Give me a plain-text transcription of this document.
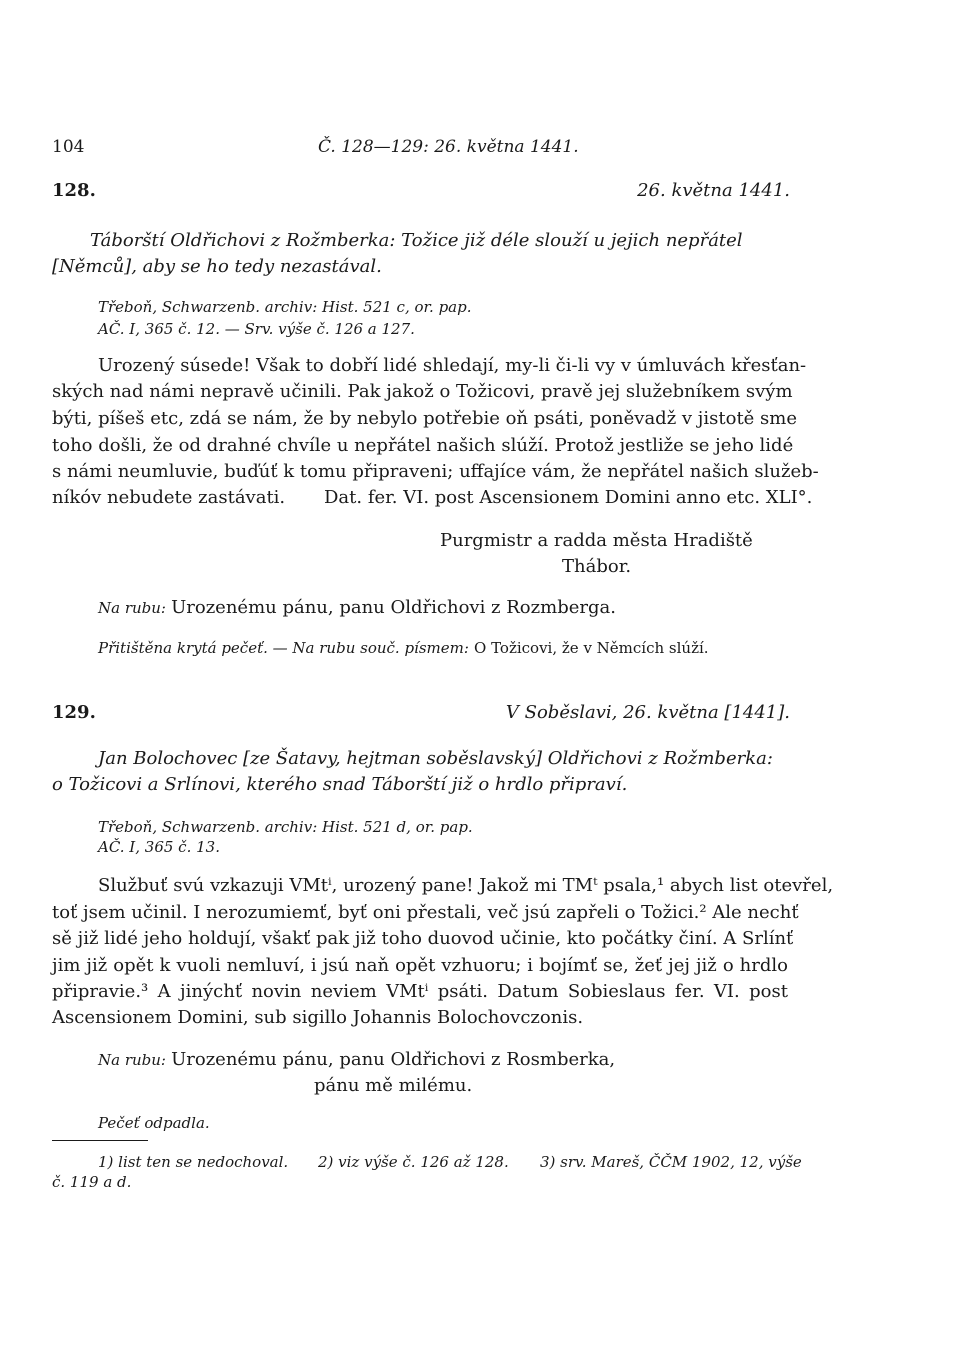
104	Č. 128—129: 26. května 1441.
128.	26. května 1441.
Táborští Oldřichovi z Rožmberka: Tožice již déle slouží u jejich nepřátel
[Němců], aby se ho tedy nezastával.
Třeboň, Schwarzenb. archiv: Hist. 521 c, or. pap.
AČ. I, 365 č. 12. — Srv. výše č. 126 a 127.
Urozený súsede! Však to dobří lidé shledají, my-li či-li vy v úmluvách křesťan-
ských nad námi nepravě učinili. Pak jakož o Tožicovi, pravě jej služebníkem svým
býti, píšeš etc, zdá se nám, že by nebylo potřebie oň psáti, poněvadž v jistotě sme
toho došli, že od drahné chvíle u nepřátel našich slúží. Protož jestliže se jeho lidé
s námi neumluvie, buďúť k tomu připraveni; uffajíce vám, že nepřátel našich služeb-
níkóv nebudete zastávati. Dat. fer. VI. post Ascensionem Domini anno etc. XLI°.
Purgmistr a radda města Hradiště
Thábor.
Na rubu: Urozenému pánu, panu Oldřichovi z Rozmberga.
Přitištěna krytá pečeť. — Na rubu souč. písmem: O Tožicovi, že v Němcích slúží.
129.	V Soběslavi, 26. května [1441].
Jan Bolochovec [ze Šatavy, hejtman soběslavský] Oldřichovi z Rožmberka:
o Tožicovi a Srlínovi, kterého snad Táborští již o hrdlo připraví.
Třeboň, Schwarzenb. archiv: Hist. 521 d, or. pap.
AČ. I, 365 č. 13.
Službuť svú vzkazuji VMtⁱ, urozený pane! Jakož mi TMᵗ psala,¹ abych list otevřel,
toť jsem učinil. I nerozumiemť, byť oni přestali, več jsú zapřeli o Tožici.² Ale nechť
sě již lidé jeho holdují, všakť pak již toho duovod učinie, kto počátky činí. A Srlínť
jim již opět k vuoli nemluví, i jsú naň opět vzhuoru; i bojímť se, žeť jej již o hrdlo
připravie.³ A jinýchť novin neviem VMtⁱ psáti. Datum Sobieslaus fer. VI. post
Ascensionem Domini, sub sigillo Johannis Bolochovczonis.
Na rubu: Urozenému pánu, panu Oldřichovi z Rosmberka,
pánu mě milému.
Pečeť odpadla.
1) list ten se nedochoval. 2) viz výše č. 126 až 128. 3) srv. Mareš, ČČM 1902, 12, výše
č. 119 a d.
